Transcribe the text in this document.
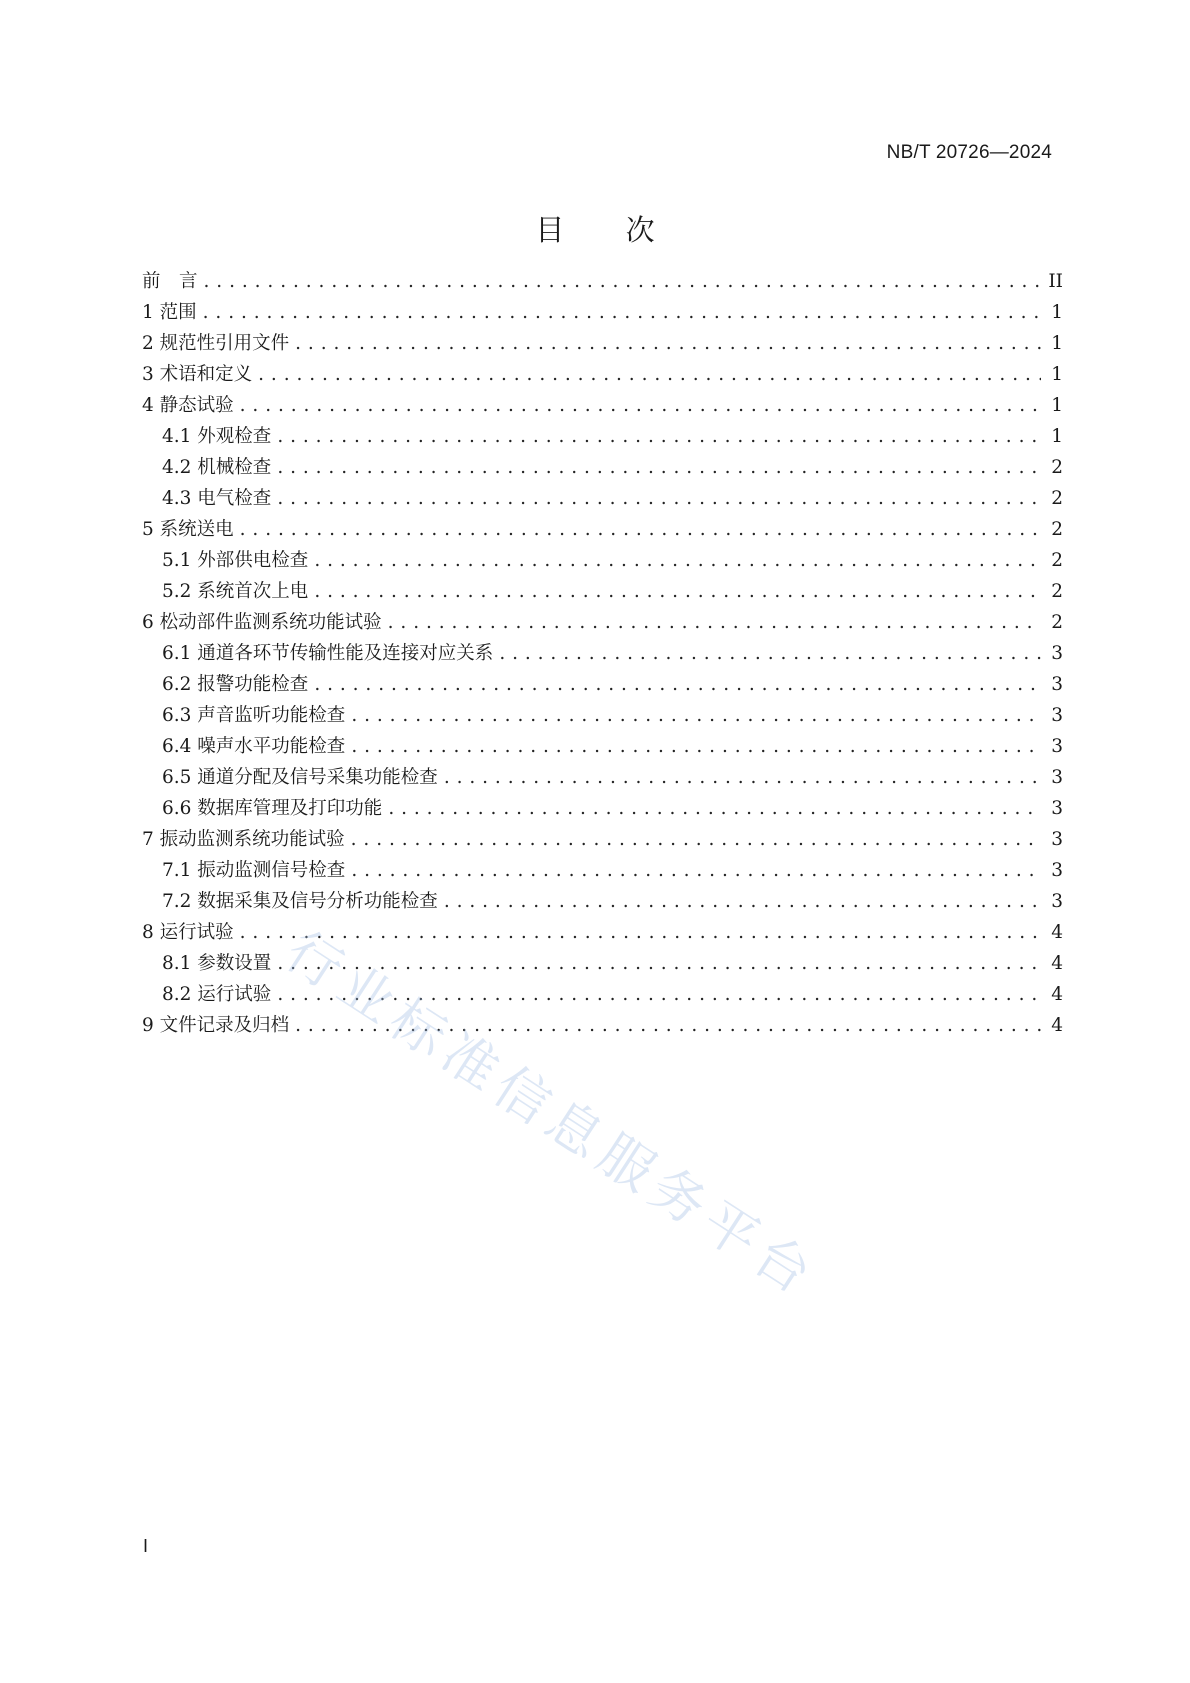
NB/T 20726—2024
目 次
前　言 .....	II
1 范围 .....	1
2 规范性引用文件 .....	1
3 术语和定义 .....	1
4 静态试验 .....	1
4.1 外观检查 .....	1
4.2 机械检查 .....	2
4.3 电气检查 .....	2
5 系统送电 .....	2
5.1 外部供电检查 .....	2
5.2 系统首次上电 .....	2
6 松动部件监测系统功能试验 .....	2
6.1 通道各环节传输性能及连接对应关系 .....	3
6.2 报警功能检查 .....	3
6.3 声音监听功能检查 .....	3
6.4 噪声水平功能检查 .....	3
6.5 通道分配及信号采集功能检查 .....	3
6.6 数据库管理及打印功能 .....	3
7 振动监测系统功能试验 .....	3
7.1 振动监测信号检查 .....	3
7.2 数据采集及信号分析功能检查 .....	3
8 运行试验 .....	4
8.1 参数设置 .....	4
8.2 运行试验 .....	4
9 文件记录及归档 .....	4
I
行业标准信息服务平台
